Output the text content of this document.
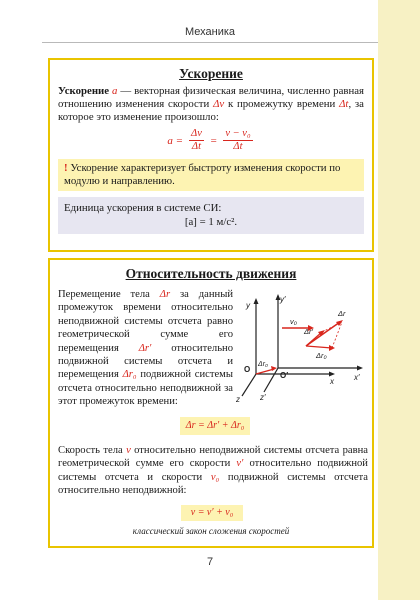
Механика
Ускорение

Ускорение a — векторная физическая величина, численно равная отношению изменения скорости Δv к промежутку времени Δt, за которое это изменение произошло:

$a = \frac{\Delta v}{\Delta t} = \frac{\text{v − v₀}}{\Delta t}$
! Ускорение характеризует быстроту изменения скорости по модулю и направлению.
Единица ускорения в системе СИ:
[a] = 1 м/с².
Относительность движения

Перемещение тела Δr за данный промежуток времени относительно неподвижной системы отсчета равно геометрической сумме его перемещения Δr′ относительно подвижной системы отсчета и перемещения Δr₀ подвижной системы отсчета относительно неподвижной за этот промежуток времени:

y
y′
x	x′
z	z′
O
O′
v₀
Δr
Δr′
Δr₀
Δr₀
Δr = Δr′ + Δr₀

Скорость тела v относительно неподвижной системы отсчета равна геометрической сумме его скорости v′ относительно подвижной системы отсчета и скорости v₀ подвижной системы отсчета относительно неподвижной:

v = v′ + v₀
классический закон сложения скоростей
7
